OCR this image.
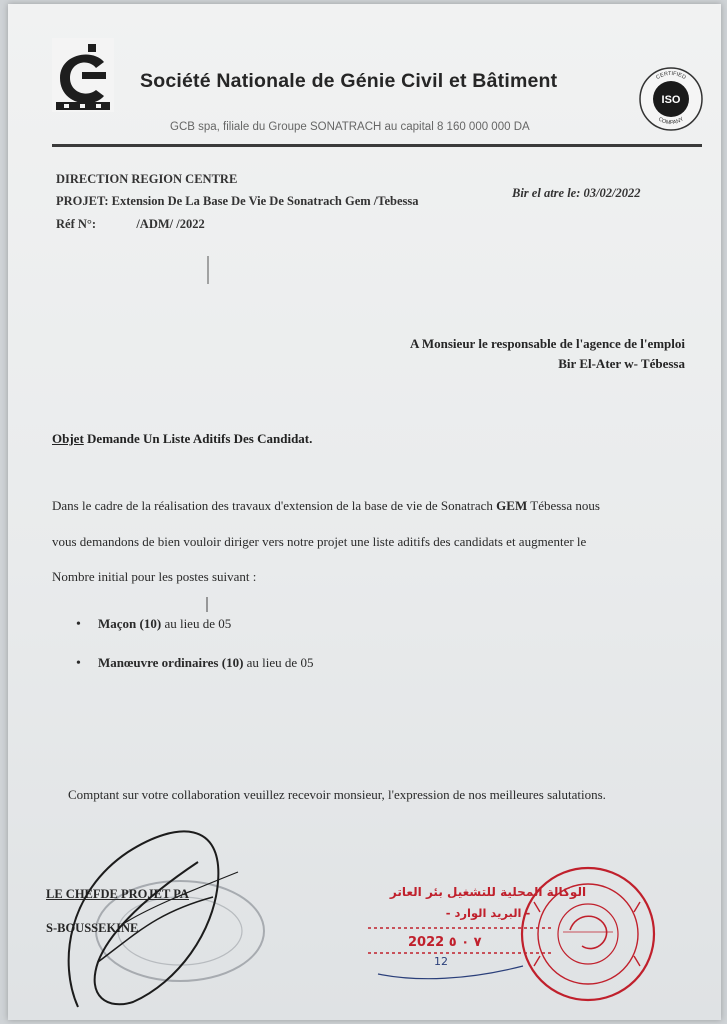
Société Nationale de Génie Civil et Bâtiment
GCB spa, filiale du Groupe SONATRACH au capital 8 160 000 000 DA
ISO
CERTIFIED
COMPANY
DIRECTION REGION CENTRE
PROJET: Extension De La Base De Vie De Sonatrach Gem /Tebessa
Réf N°:	/ADM/ /2022
Bir el atre le: 03/02/2022
A Monsieur le responsable de l'agence de l'emploi
Bir El-Ater w- Tébessa
Objet Demande Un Liste Aditifs Des Candidat.
Dans le cadre de la réalisation des travaux d'extension de la base de vie de Sonatrach GEM Tébessa nous
vous demandons de bien vouloir diriger vers notre projet une liste aditifs des candidats et augmenter le
Nombre initial pour les postes suivant :
• Maçon (10) au lieu de 05
• Manœuvre ordinaires (10) au lieu de 05
Comptant sur votre collaboration veuillez recevoir monsieur, l'expression de nos meilleures salutations.
LE CHEFDE PROJET PA
S-BOUSSEKINE
الوكالة المحلية للتشغيل بئر العاتر
- البريد الوارد -
2022 ٧ ٠ ٥
12
